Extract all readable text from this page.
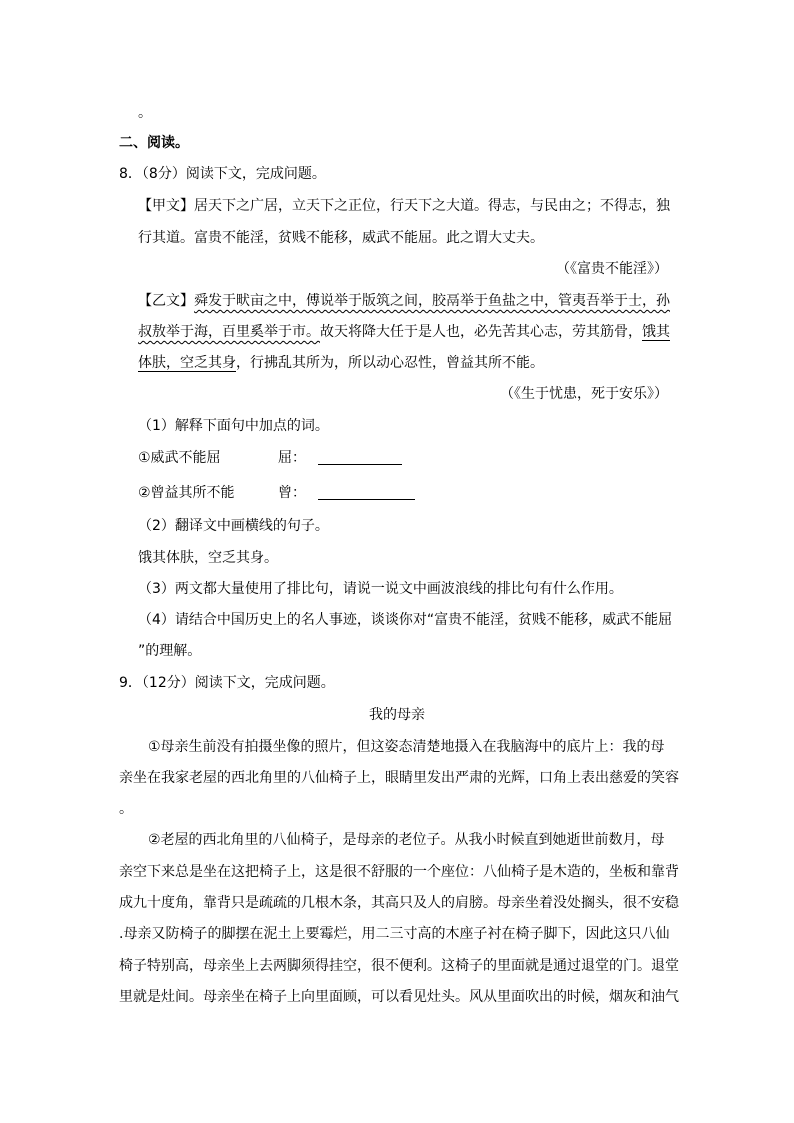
。
二、阅读。
8．（8分）阅读下文，完成问题。
【甲文】居天下之广居，立天下之正位，行天下之大道。得志，与民由之；不得志，独
行其道。富贵不能淫，贫贱不能移，威武不能屈。此之谓大丈夫。
（《富贵不能淫》）
【乙文】舜发于畎亩之中，傅说举于版筑之间，胶鬲举于鱼盐之中，管夷吾举于士，孙
叔敖举于海，百里奚举于市。故天将降大任于是人也，必先苦其心志，劳其筋骨，饿其
体肤，空乏其身，行拂乱其所为，所以动心忍性，曾益其所不能。
（《生于忧患，死于安乐》）
（1）解释下面句中加点的词。
①威武不能屈	屈：
②曾益其所不能	曾：
（2）翻译文中画横线的句子。
饿其体肤，空乏其身。
（3）两文都大量使用了排比句，请说一说文中画波浪线的排比句有什么作用。
（4）请结合中国历史上的名人事迹，谈谈你对“富贵不能淫，贫贱不能移，威武不能屈
”的理解。
9．（12分）阅读下文，完成问题。
我的母亲
①母亲生前没有拍摄坐像的照片，但这姿态清楚地摄入在我脑海中的底片上：我的母
亲坐在我家老屋的西北角里的八仙椅子上，眼睛里发出严肃的光辉，口角上表出慈爱的笑容
。
②老屋的西北角里的八仙椅子，是母亲的老位子。从我小时候直到她逝世前数月，母
亲空下来总是坐在这把椅子上，这是很不舒服的一个座位：八仙椅子是木造的，坐板和靠背
成九十度角，靠背只是疏疏的几根木条，其高只及人的肩膀。母亲坐着没处搁头，很不安稳
.母亲又防椅子的脚摆在泥土上要霉烂，用二三寸高的木座子衬在椅子脚下，因此这只八仙
椅子特别高，母亲坐上去两脚须得挂空，很不便利。这椅子的里面就是通过退堂的门。退堂
里就是灶间。母亲坐在椅子上向里面顾，可以看见灶头。风从里面吹出的时候，烟灰和油气
